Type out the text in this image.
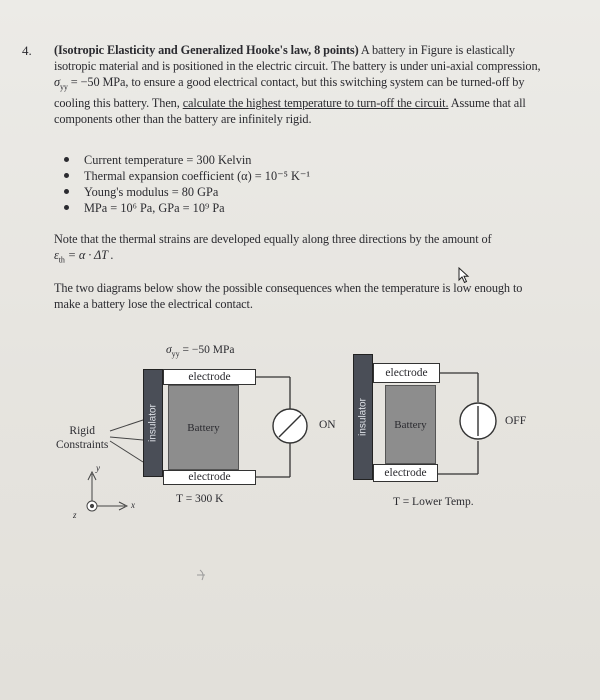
4. (Isotropic Elasticity and Generalized Hooke's law, 8 points) A battery in Figure is elastically isotropic material and is positioned in the electric circuit. The battery is under uni-axial compression, $\sigma_{yy} = -50$ MPa, to ensure a good electrical contact, but this switching system can be turned-off by cooling this battery. Then, calculate the highest temperature to turn-off the circuit. Assume that all components other than the battery are infinitely rigid.
Current temperature = 300 Kelvin
Thermal expansion coefficient (α) = 10⁻⁵ K⁻¹
Young's modulus = 80 GPa
MPa = 10⁶ Pa, GPa = 10⁹ Pa
Note that the thermal strains are developed equally along three directions by the amount of
$\varepsilon_{th} = \alpha \cdot \Delta T$ .
The two diagrams below show the possible consequences when the temperature is low enough to make a battery lose the electrical contact.
$\sigma_{yy} = -50$ MPa
Rigid
Constraints
insulator
electrode
Battery
electrode
ON
T = 300 K
insulator
electrode
Battery
electrode
OFF
T = Lower Temp.
y
x
z
